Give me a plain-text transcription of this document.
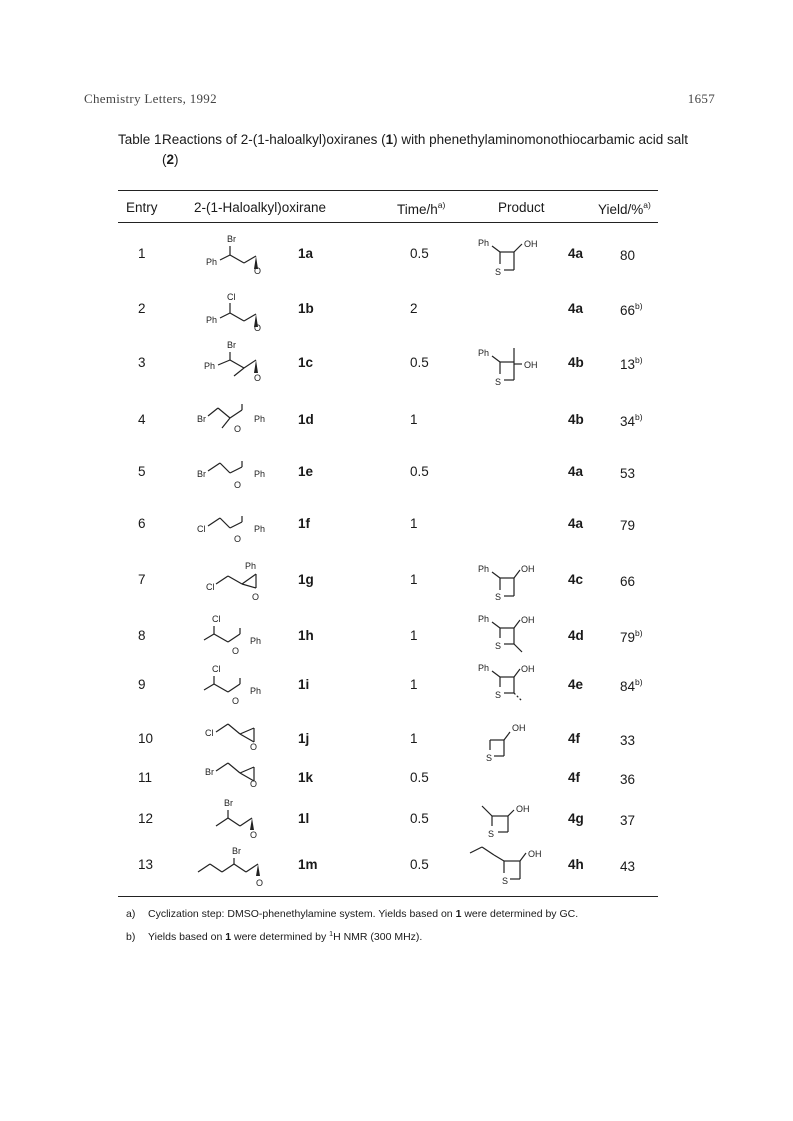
Chemistry Letters, 1992	1657
Table 1.
Reactions of 2-(1-haloalkyl)oxiranes (1) with phenethylaminomonothiocarbamic acid salt (2)
Entry	2-(1-Haloalkyl)oxirane	Time/$h^{a)}$	Product	Yield/%$^{a)}$
1	1a	0.5	4a	80
2	1b	2	4a	66$^{b)}$
3	1c	0.5	4b	13$^{b)}$
4	1d	1	4b	34$^{b)}$
5	1e	0.5	4a	53
6	1f	1	4a	79
7	1g	1	4c	66
8	1h	1	4d	79$^{b)}$
9	1i	1	4e	84$^{b)}$
10	1j	1	4f	33
11	1k	0.5	4f	36
12	1l	0.5	4g	37
13	1m	0.5	4h	43
Br
Ph
O
Cl
Ph
O
Br
Ph
O
Br	Ph
O
Br	Ph
O
Cl	Ph
O
Ph
Cl
O
Cl
Ph
O
Cl
Ph
O
Cl
O
Br
O
Br
O
Br
O
Ph	OH
S
Ph
OH
S
Ph	OH
S
Ph	OH
S
Ph	OH
S
OH
S
OH
S
OH
S
a) Cyclization step: DMSO-phenethylamine system. Yields based on 1 were determined by GC.
b) Yields based on 1 were determined by $^1$H NMR (300 MHz).
